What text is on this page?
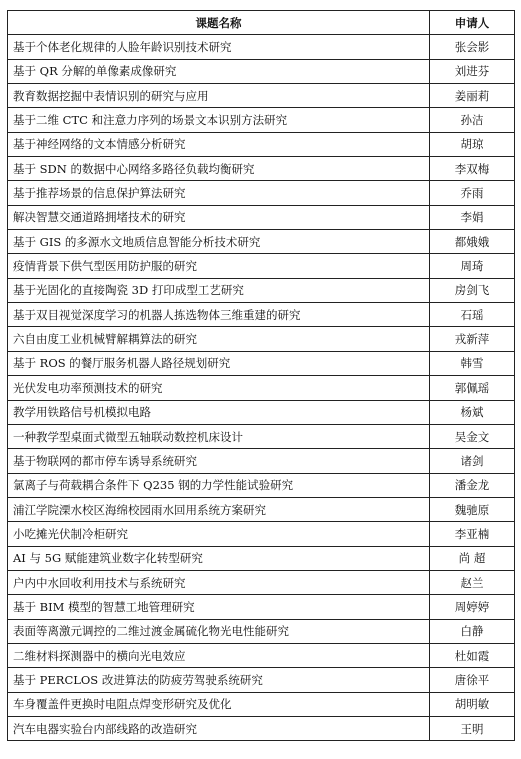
课题名称	申请人
基于个体老化规律的人脸年龄识别技术研究	张会影
基于 QR 分解的单像素成像研究	刘进芬
教育数据挖掘中表情识别的研究与应用	姜丽莉
基于二维 CTC 和注意力序列的场景文本识别方法研究	孙洁
基于神经网络的文本情感分析研究	胡琼
基于 SDN 的数据中心网络多路径负载均衡研究	李双梅
基于推荐场景的信息保护算法研究	乔雨
解决智慧交通道路拥堵技术的研究	李娟
基于 GIS 的多源水文地质信息智能分析技术研究	都娥娥
疫情背景下供气型医用防护服的研究	周琦
基于光固化的直接陶瓷 3D 打印成型工艺研究	房剑飞
基于双目视觉深度学习的机器人拣选物体三维重建的研究	石瑶
六自由度工业机械臂解耦算法的研究	戎新萍
基于 ROS 的餐厅服务机器人路径规划研究	韩雪
光伏发电功率预测技术的研究	郭佩瑶
教学用铁路信号机模拟电路	杨斌
一种教学型桌面式微型五轴联动数控机床设计	吴金文
基于物联网的都市停车诱导系统研究	诸剑
氯离子与荷载耦合条件下 Q235 钢的力学性能试验研究	潘金龙
浦江学院溧水校区海绵校园雨水回用系统方案研究	魏驰原
小吃摊光伏制冷柜研究	李亚楠
AI 与 5G 赋能建筑业数字化转型研究	尚 超
户内中水回收利用技术与系统研究	赵兰
基于 BIM 模型的智慧工地管理研究	周婷婷
表面等离激元调控的二维过渡金属硫化物光电性能研究	白静
二维材料探测器中的横向光电效应	杜如霞
基于 PERCLOS 改进算法的防疲劳驾驶系统研究	唐徐平
车身覆盖件更换时电阻点焊变形研究及优化	胡明敏
汽车电器实验台内部线路的改造研究	王明
